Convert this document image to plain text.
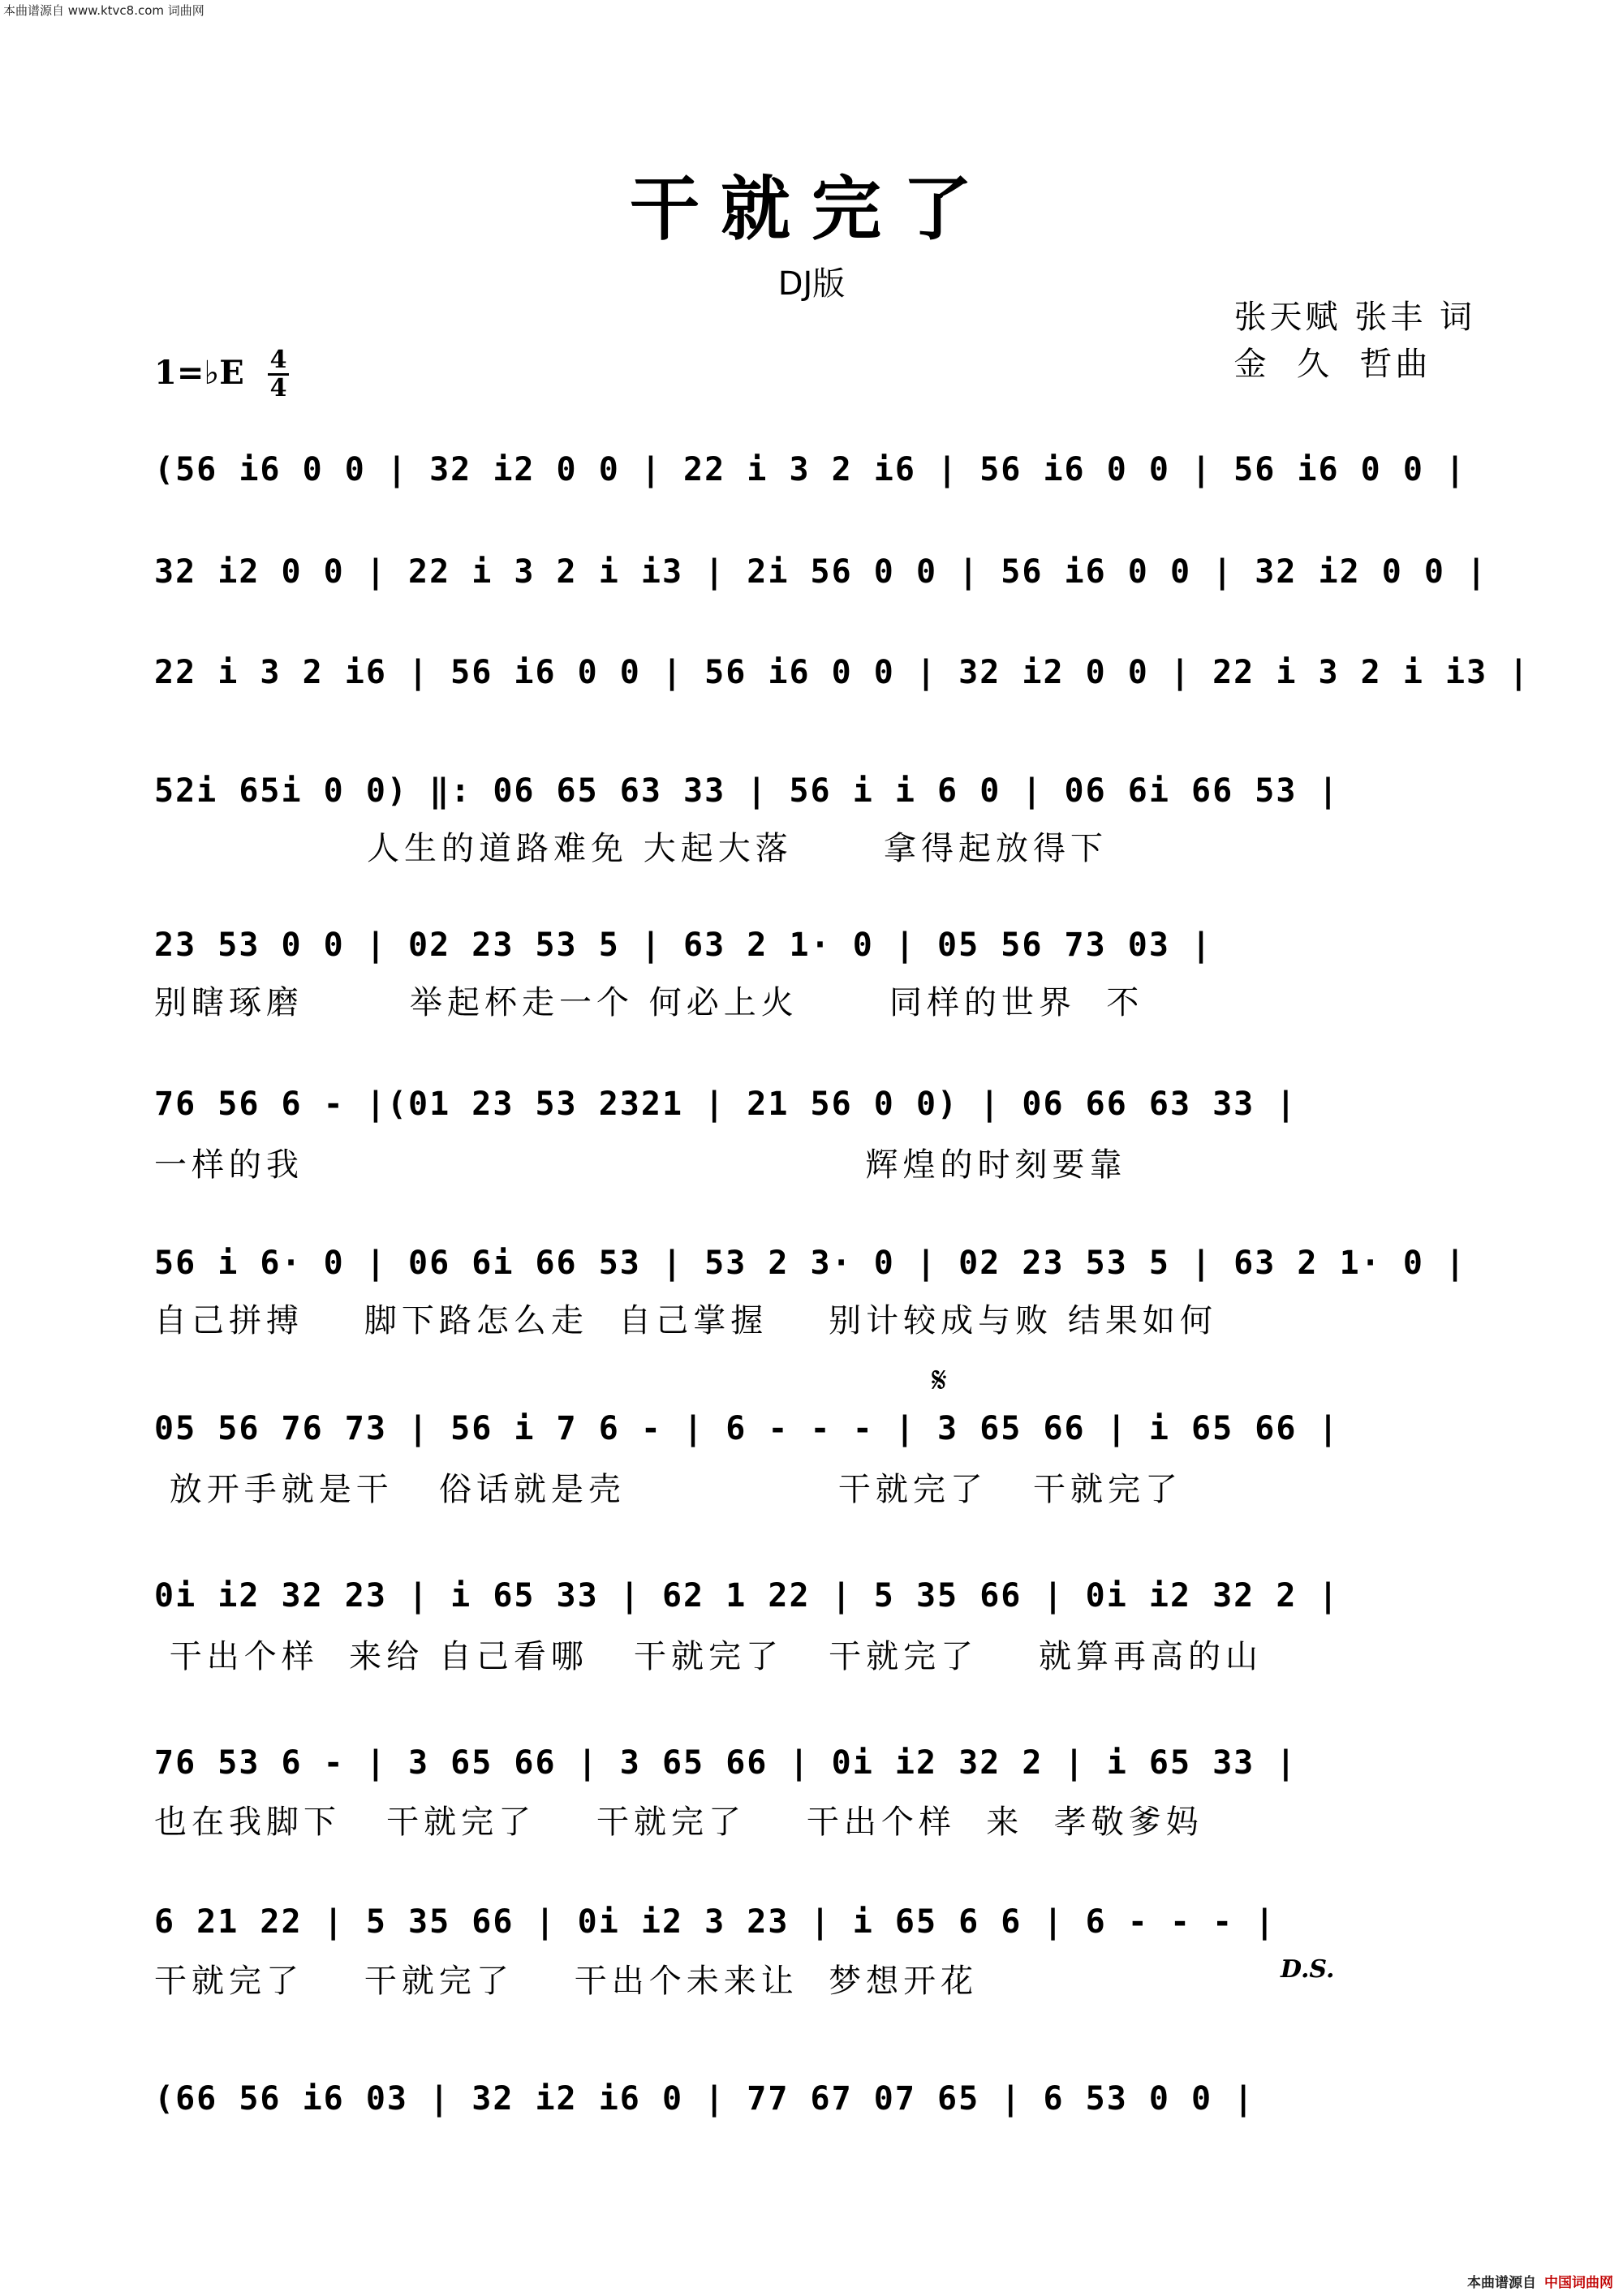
本曲谱源自 www.ktvc8.com 词曲网
干就完了
DJ版
张天赋 张丰 词
金  久  哲曲
1=♭E 4
4
(56 i6 0 0 | 32 i2 0 0 | 22 i 3 2 i6 | 56 i6 0 0 | 56 i6 0 0 |
32 i2 0 0 | 22 i 3 2 i i3 | 2i 56 0 0 | 56 i6 0 0 | 32 i2 0 0 |
22 i 3 2 i6 | 56 i6 0 0 | 56 i6 0 0 | 32 i2 0 0 | 22 i 3 2 i i3 |
52i 65i 0 0) ‖: 06 65 63 33 | 56 i i 6 0 | 06 6i 66 53 |
人生的道路难免 大起大落      拿得起放得下
23 53 0 0 | 02 23 53 5 | 63 2 1· 0 | 05 56 73 03 |
别瞎琢磨       举起杯走一个 何必上火      同样的世界  不
76 56 6 - |(01 23 53 2321 | 21 56 0 0) | 06 66 63 33 |
一样的我                                     辉煌的时刻要靠
56 i 6· 0 | 06 6i 66 53 | 53 2 3· 0 | 02 23 53 5 | 63 2 1· 0 |
自己拼搏    脚下路怎么走  自己掌握    别计较成与败 结果如何
𝄋
05 56 76 73 | 56 i 7 6 - | 6 - - - | 3 65 66 | i 65 66 |
放开手就是干   俗话就是壳              干就完了   干就完了
0i i2 32 23 | i 65 33 | 62 1 22 | 5 35 66 | 0i i2 32 2 |
干出个样  来给 自己看哪   干就完了   干就完了    就算再高的山
76 53 6 - | 3 65 66 | 3 65 66 | 0i i2 32 2 | i 65 33 |
也在我脚下   干就完了    干就完了    干出个样  来  孝敬爹妈
6 21 22 | 5 35 66 | 0i i2 3 23 | i 65 6 6 | 6 - - - |
干就完了    干就完了    干出个未来让  梦想开花	D.S.
(66 56 i6 03 | 32 i2 i6 0 | 77 67 07 65 | 6 53 0 0 |
本曲谱源自 中国词曲网
